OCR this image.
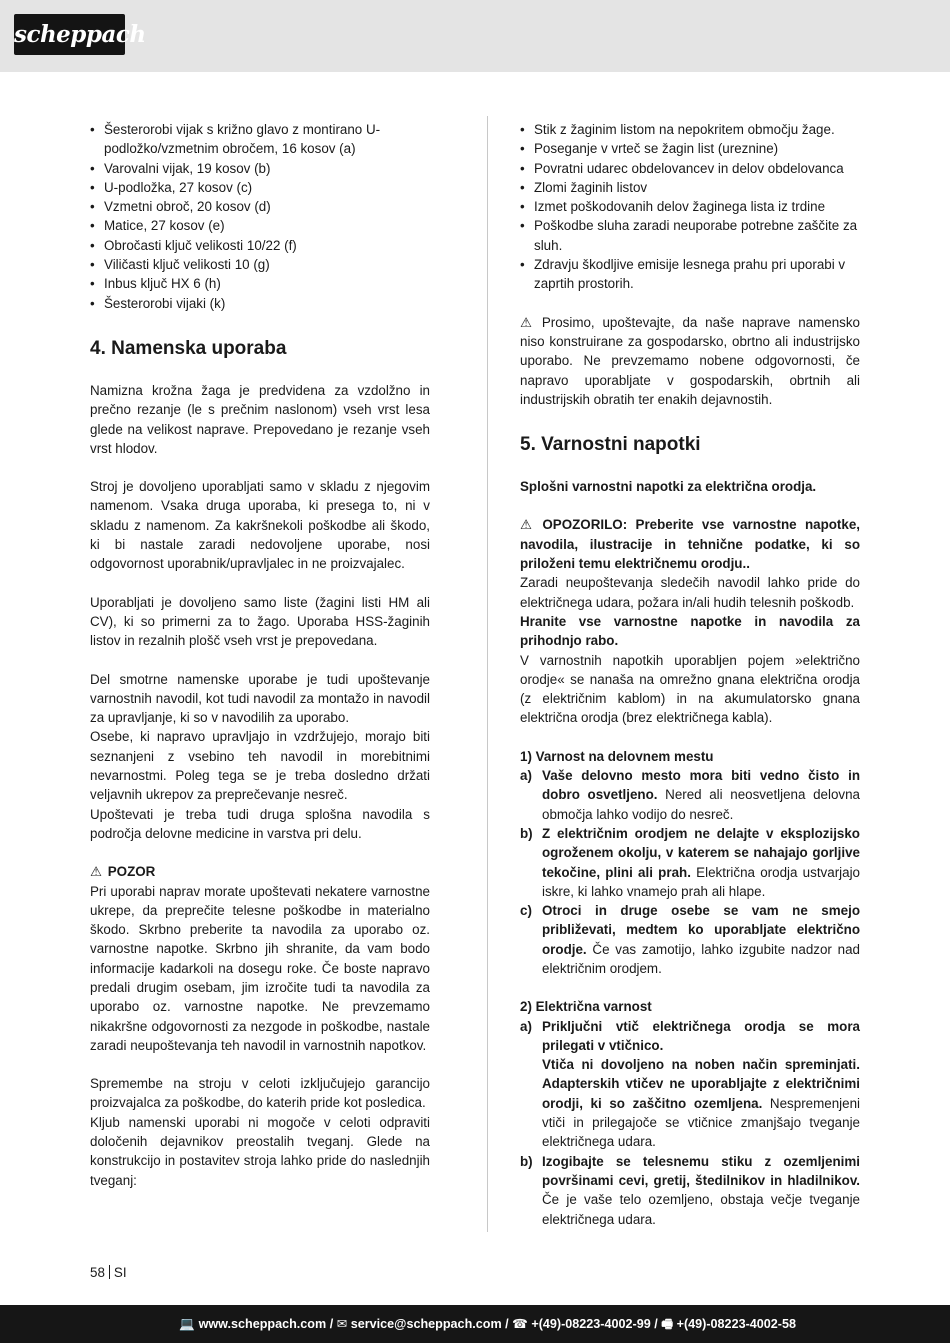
scheppach
• Šesterorobi vijak s križno glavo z montirano U-podložko/vzmetnim obročem, 16 kosov (a)
• Varovalni vijak, 19 kosov (b)
• U-podložka, 27 kosov (c)
• Vzmetni obroč, 20 kosov (d)
• Matice, 27 kosov (e)
• Obročasti ključ velikosti 10/22 (f)
• Viličasti ključ velikosti 10 (g)
• Inbus ključ HX 6 (h)
• Šesterorobi vijaki (k)
4. Namenska uporaba

Namizna krožna žaga je predvidena za vzdolžno in prečno rezanje (le s prečnim naslonom) vseh vrst lesa glede na velikost naprave. Prepovedano je rezanje vseh vrst hlodov.

Stroj je dovoljeno uporabljati samo v skladu z njegovim namenom. Vsaka druga uporaba, ki presega to, ni v skladu z namenom. Za kakršnekoli poškodbe ali škodo, ki bi nastale zaradi nedovoljene uporabe, nosi odgovornost uporabnik/upravljalec in ne proizvajalec.

Uporabljati je dovoljeno samo liste (žagini listi HM ali CV), ki so primerni za to žago. Uporaba HSS-žaginih listov in rezalnih plošč vseh vrst je prepovedana.

Del smotrne namenske uporabe je tudi upoštevanje varnostnih navodil, kot tudi navodil za montažo in navodil za upravljanje, ki so v navodilih za uporabo.

Osebe, ki napravo upravljajo in vzdržujejo, morajo biti seznanjeni z vsebino teh navodil in morebitnimi nevarnostmi. Poleg tega se je treba dosledno držati veljavnih ukrepov za preprečevanje nesreč.

Upoštevati je treba tudi druga splošna navodila s področja delovne medicine in varstva pri delu.

⚠ POZOR

Pri uporabi naprav morate upoštevati nekatere varnostne ukrepe, da preprečite telesne poškodbe in materialno škodo. Skrbno preberite ta navodila za uporabo oz. varnostne napotke. Skrbno jih shranite, da vam bodo informacije kadarkoli na dosegu roke. Če boste napravo predali drugim osebam, jim izročite tudi ta navodila za uporabo oz. varnostne napotke. Ne prevzemamo nikakršne odgovornosti za nezgode in poškodbe, nastale zaradi neupoštevanja teh navodil in varnostnih napotkov.

Spremembe na stroju v celoti izključujejo garancijo proizvajalca za poškodbe, do katerih pride kot posledica.

Kljub namenski uporabi ni mogoče v celoti odpraviti določenih dejavnikov preostalih tveganj. Glede na konstrukcijo in postavitev stroja lahko pride do naslednjih tveganj:

• Stik z žaginim listom na nepokritem območju žage.
• Poseganje v vrteč se žagin list (ureznine)
• Povratni udarec obdelovancev in delov obdelovanca
• Zlomi žaginih listov
• Izmet poškodovanih delov žaginega lista iz trdine
• Poškodbe sluha zaradi neuporabe potrebne zaščite za sluh.
• Zdravju škodljive emisije lesnega prahu pri uporabi v zaprtih prostorih.

⚠ Prosimo, upoštevajte, da naše naprave namensko niso konstruirane za gospodarsko, obrtno ali industrijsko uporabo. Ne prevzemamo nobene odgovornosti, če napravo uporabljate v gospodarskih, obrtnih ali industrijskih obratih ter enakih dejavnostih.

5. Varnostni napotki

Splošni varnostni napotki za električna orodja.

⚠ OPOZORILO: Preberite vse varnostne napotke, navodila, ilustracije in tehnične podatke, ki so priloženi temu električnemu orodju..

Zaradi neupoštevanja sledečih navodil lahko pride do električnega udara, požara in/ali hudih telesnih poškodb.

Hranite vse varnostne napotke in navodila za prihodnjo rabo.

V varnostnih napotkih uporabljen pojem »električno orodje« se nanaša na omrežno gnana električna orodja (z električnim kablom) in na akumulatorsko gnana električna orodja (brez električnega kabla).

1) Varnost na delovnem mestu

a) Vaše delovno mesto mora biti vedno čisto in dobro osvetljeno. Nered ali neosvetljena delovna območja lahko vodijo do nesreč.
b) Z električnim orodjem ne delajte v eksplozijsko ogroženem okolju, v katerem se nahajajo gorljive tekočine, plini ali prah. Električna orodja ustvarjajo iskre, ki lahko vnamejo prah ali hlape.
c) Otroci in druge osebe se vam ne smejo približevati, medtem ko uporabljate električno orodje. Če vas zamotijo, lahko izgubite nadzor nad električnim orodjem.

2) Električna varnost

a) Priključni vtič električnega orodja se mora prilegati v vtičnico.
Vtiča ni dovoljeno na noben način spreminjati. Adapterskih vtičev ne uporabljajte z električnimi orodji, ki so zaščitno ozemljena. Nespremenjeni vtiči in prilegajoče se vtičnice zmanjšajo tveganje električnega udara.
b) Izogibajte se telesnemu stiku z ozemljenimi površinami cevi, gretij, štedilnikov in hladilnikov. Če je vaše telo ozemljeno, obstaja večje tveganje električnega udara.
58 SI
💻 www.scheppach.com / ✉ service@scheppach.com / ☎ +(49)-08223-4002-99 / 🖷 +(49)-08223-4002-58
